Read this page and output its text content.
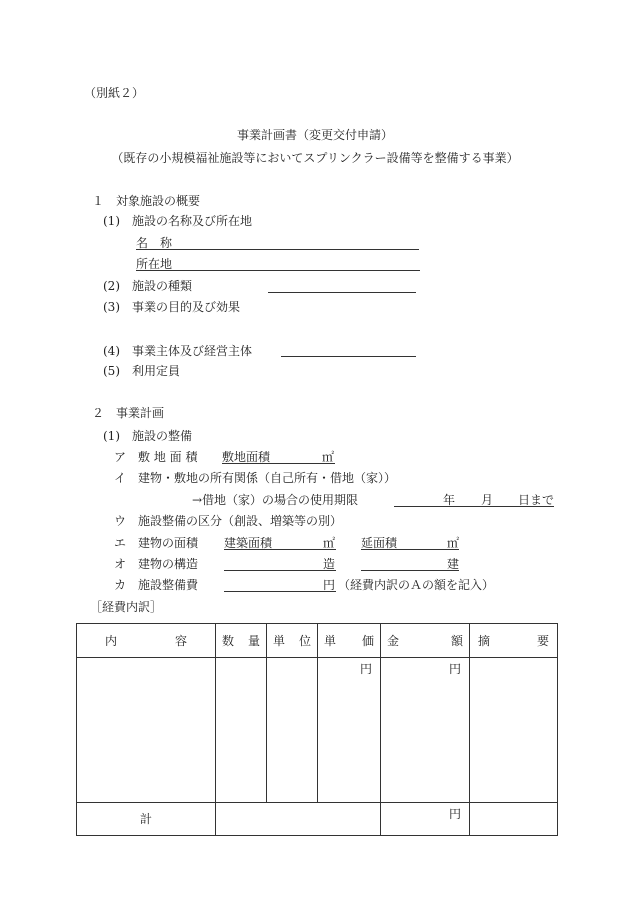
（別紙２）
事業計画書（変更交付申請）
（既存の小規模福祉施設等においてスプリンクラー設備等を整備する事業）
１　対象施設の概要
(1)　施設の名称及び所在地
名　称
所在地
(2)　施設の種類
(3)　事業の目的及び効果
(4)　事業主体及び経営主体
(5)　利用定員
２　事業計画
(1)　施設の整備
ア　敷 地 面 積 敷地面積	㎡
イ　建物・敷地の所有関係（自己所有・借地（家））
→借地（家）の場合の使用期限	年 月 日まで
ウ　施設整備の区分（創設、増築等の別）
エ　建物の面積 建築面積	㎡ 延面積	㎡
オ　建物の構造	造	建
カ　施設整備費	円 （経費内訳のＡの額を記入）
［経費内訳］
内 容	数 量	単 位	単 価	金 額	摘 要

			円	円	
計				円	
